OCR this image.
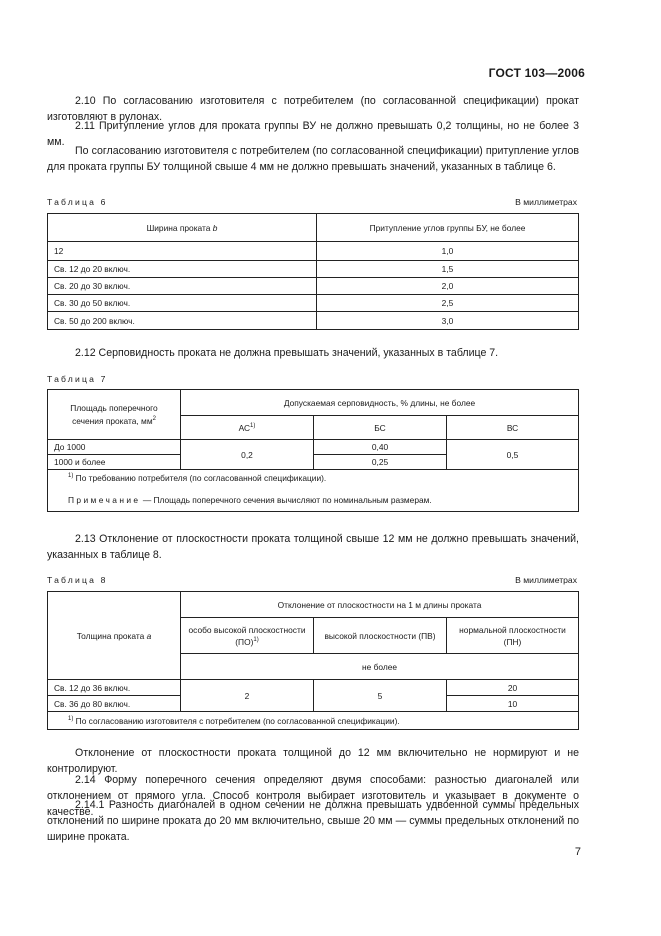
ГОСТ 103—2006

2.10 По согласованию изготовителя с потребителем (по согласованной спецификации) прокат изготовляют в рулонах.

2.11 Притупление углов для проката группы ВУ не должно превышать 0,2 толщины, но не более 3 мм.

По согласованию изготовителя с потребителем (по согласованной спецификации) притупление углов для проката группы БУ толщиной свыше 4 мм не должно превышать значений, указанных в таблице 6.

Таблица 6	В миллиметрах
Ширина проката b	Притупление углов группы БУ, не более
12	1,0
Св. 12 до 20 включ.	1,5
Св. 20 до 30 включ.	2,0
Св. 30 до 50 включ.	2,5
Св. 50 до 200 включ.	3,0

2.12 Серповидность проката не должна превышать значений, указанных в таблице 7.

Таблица 7
Площадь поперечного сечения проката, $мм^2$	Допускаемая серповидность, % длины, не более		
	АС$^{1)}$	БС	ВС
До 1000	0,2	0,40	0,5
1000 и более		0,25	

$^{1)}$ По требованию потребителя (по согласованной спецификации).
Примечание — Площадь поперечного сечения вычисляют по номинальным размерам.			

2.13 Отклонение от плоскостности проката толщиной свыше 12 мм не должно превышать значений, указанных в таблице 8.

Таблица 8	В миллиметрах
Толщина проката a	Отклонение от плоскостности на 1 м длины проката		
	особо высокой плоскостности (ПО)$^{1)}$	высокой плоскостности (ПВ)	нормальной плоскостности (ПН)
	не более		
Св. 12 до 36 включ.	2	5	20
Св. 36 до 80 включ.			10
$^{1)}$ По согласованию изготовителя с потребителем (по согласованной спецификации).			

Отклонение от плоскостности проката толщиной до 12 мм включительно не нормируют и не контролируют.

2.14 Форму поперечного сечения определяют двумя способами: разностью диагоналей или отклонением от прямого угла. Способ контроля выбирает изготовитель и указывает в документе о качестве.

2.14.1 Разность диагоналей в одном сечении не должна превышать удвоенной суммы предельных отклонений по ширине проката до 20 мм включительно, свыше 20 мм — суммы предельных отклонений по ширине проката.

7
